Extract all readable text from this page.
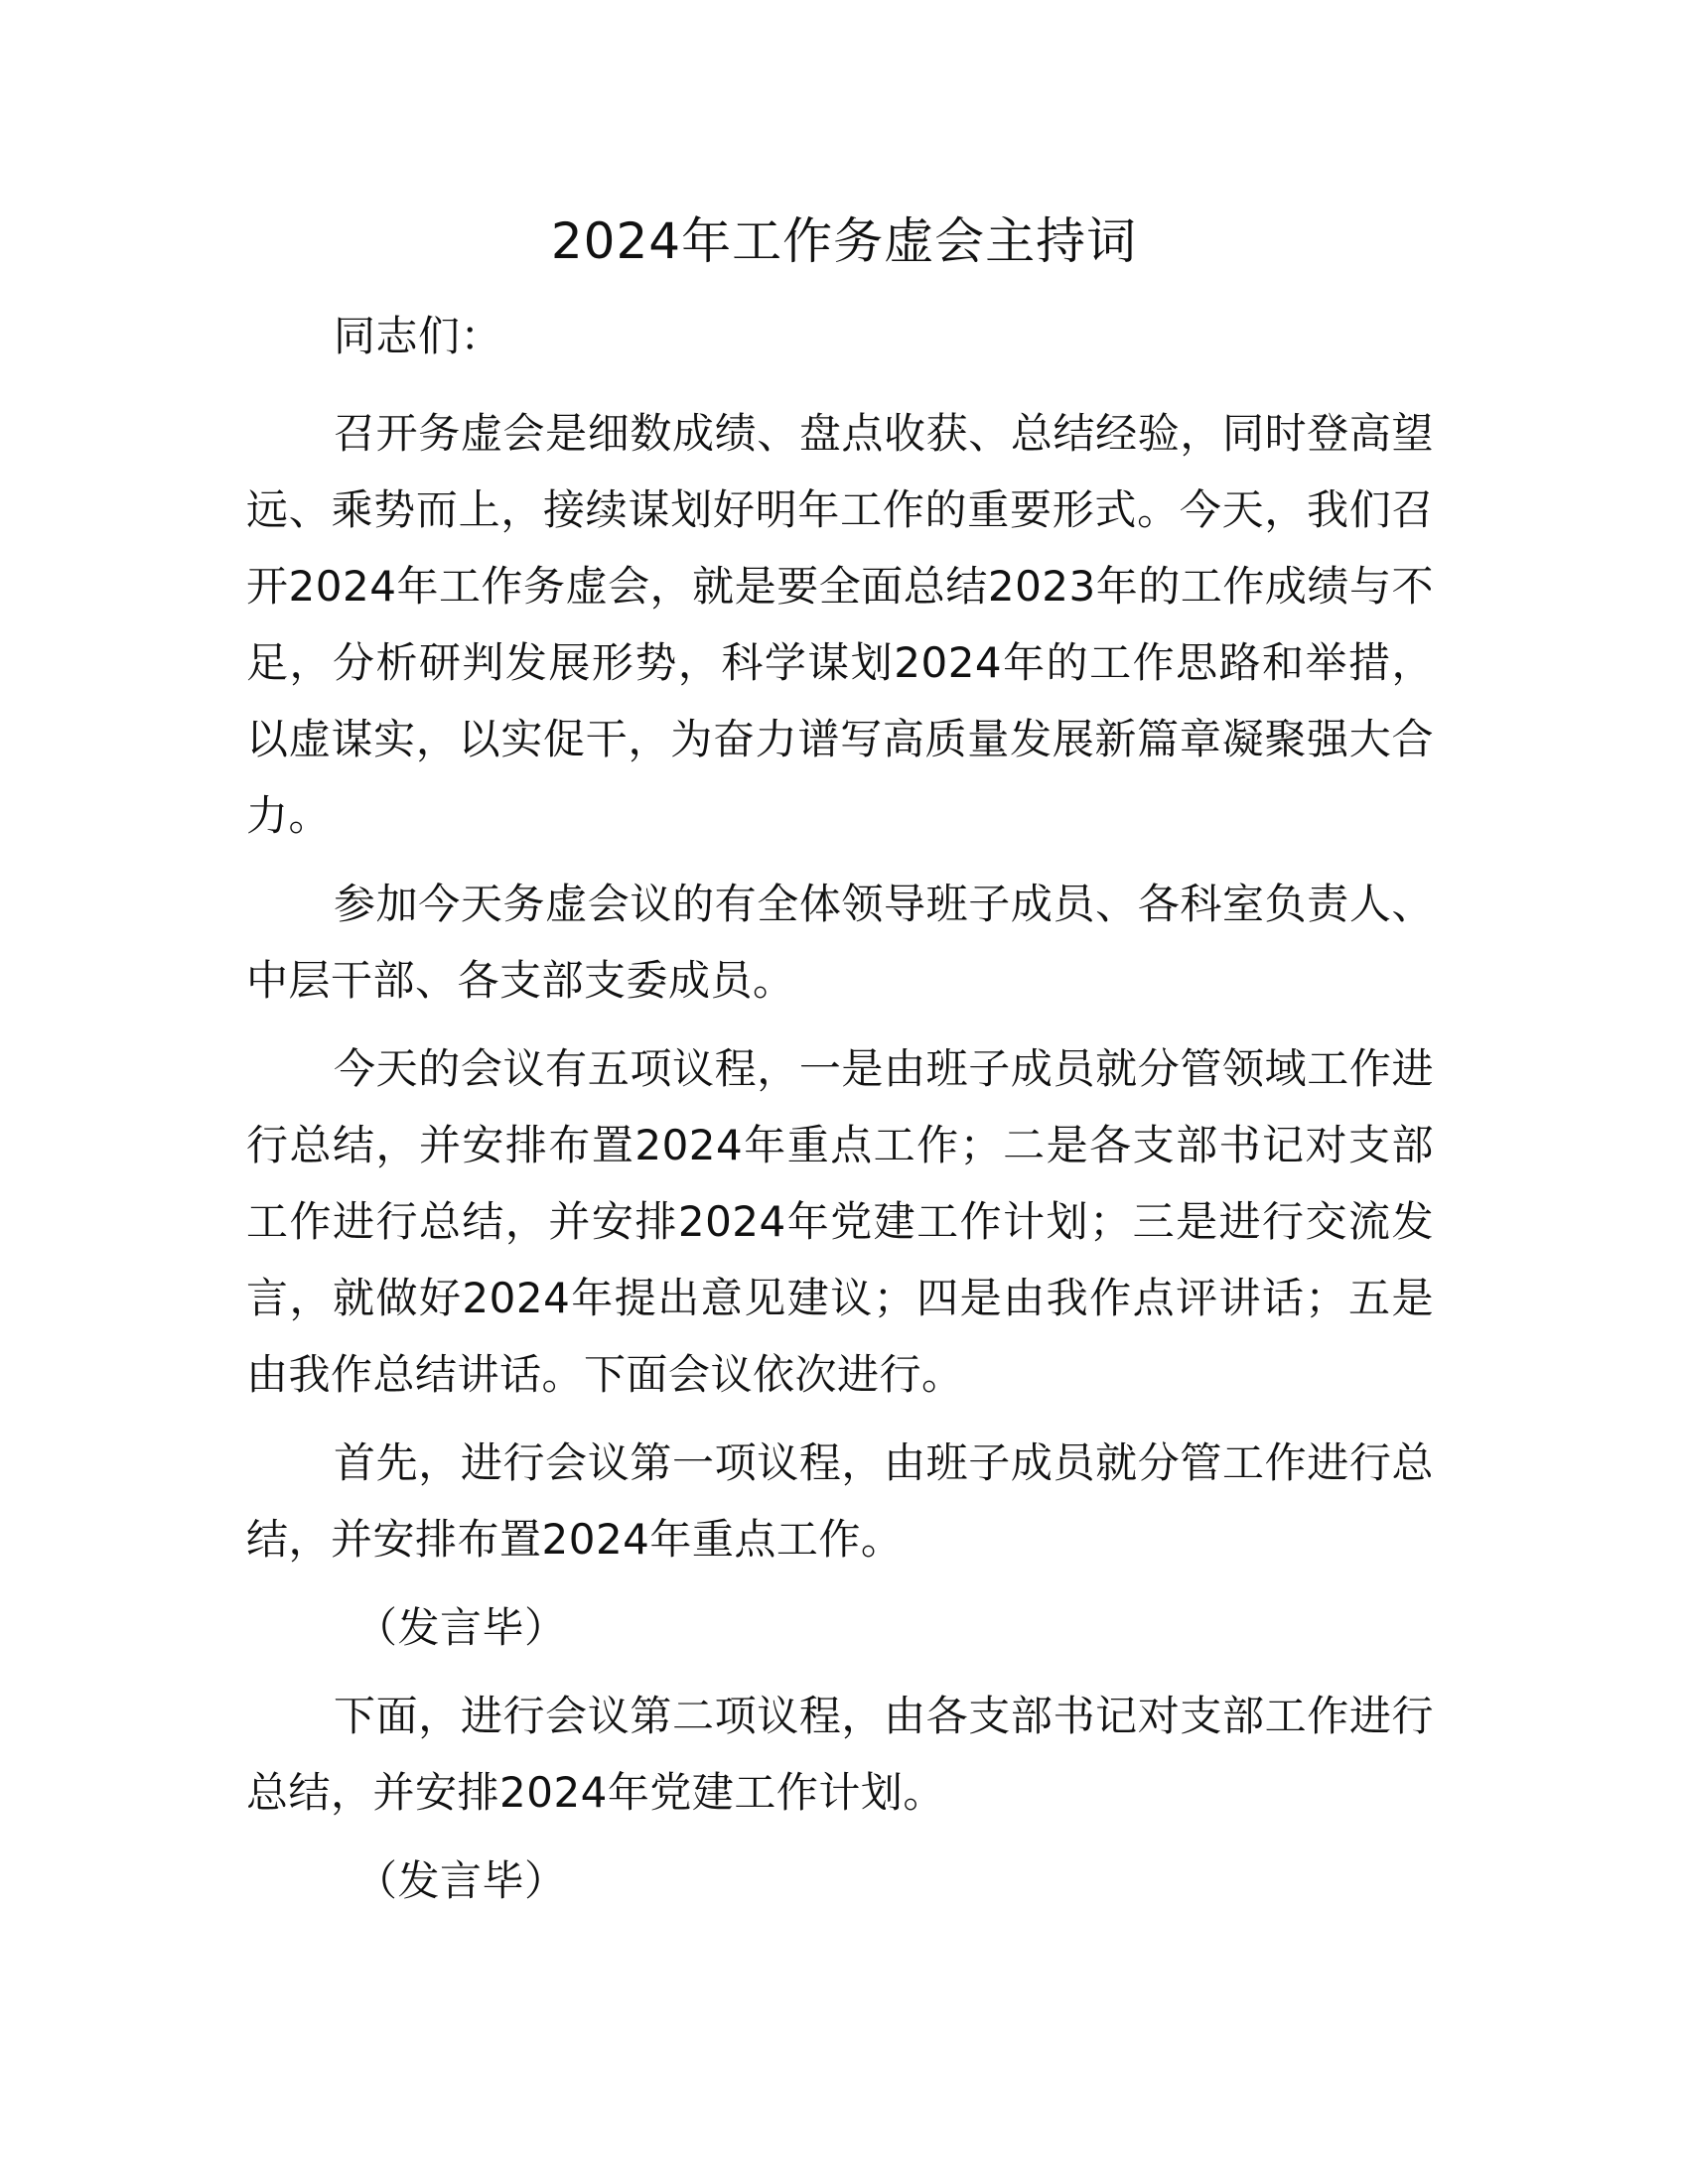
2024年工作务虚会主持词

同志们：

召开务虚会是细数成绩、盘点收获、总结经验，同时登高望远、乘势而上，接续谋划好明年工作的重要形式。今天，我们召开2024年工作务虚会，就是要全面总结2023年的工作成绩与不足，分析研判发展形势，科学谋划2024年的工作思路和举措，以虚谋实，以实促干，为奋力谱写高质量发展新篇章凝聚强大合力。

参加今天务虚会议的有全体领导班子成员、各科室负责人、中层干部、各支部支委成员。

今天的会议有五项议程，一是由班子成员就分管领域工作进行总结，并安排布置2024年重点工作；二是各支部书记对支部工作进行总结，并安排2024年党建工作计划；三是进行交流发言，就做好2024年提出意见建议；四是由我作点评讲话；五是由我作总结讲话。下面会议依次进行。

首先，进行会议第一项议程，由班子成员就分管工作进行总结，并安排布置2024年重点工作。

（发言毕）

下面，进行会议第二项议程，由各支部书记对支部工作进行总结，并安排2024年党建工作计划。

（发言毕）
